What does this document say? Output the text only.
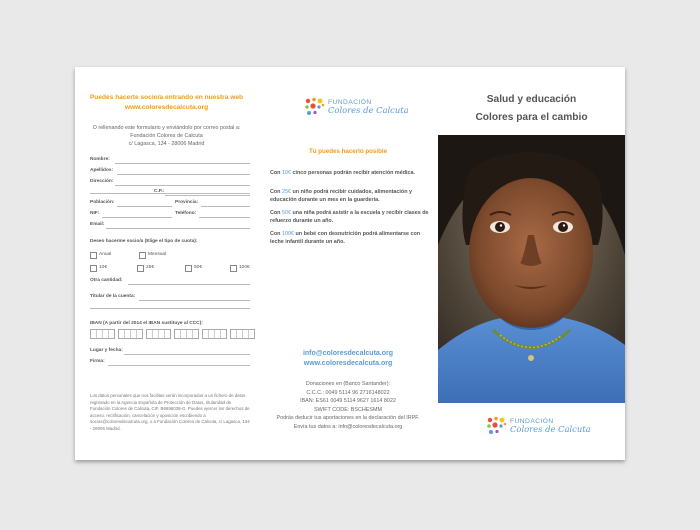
Puedes hacerte socio/a entrando en nuestra web
www.coloresdecalcuta.org
O rellenando este formulario y enviándolo por correo postal a:
Fundación Colores de Calcuta
c/ Lagasca, 134 - 28006 Madrid
Nombre:
Apellidos:
Dirección:
C.P.:
Población:	Provincia:
NIF:	Teléfono:
Email:
Deseo hacerme socio/a (Elige el tipo de cuota):
Anual	Mensual
10€	25€	50€	100€
Otra cantidad:
Titular de la cuenta:
IBAN (A partir del 2014 el IBAN sustituye al CCC):
Lugar y fecha:
Firma:
Los datos personales que nos facilitas serán incorporados a un fichero de datos registrado en la Agencia Española de Protección de Datos, titularidad de Fundación Colores de Calcuta, CIF. B6696038-G. Puedes ejercer los derechos de acceso, rectificación, cancelación y oposición escribiendo a socios@coloresdecalcuta.org, o a Fundación Colores de Calcuta, c/ Lagasca, 134 - 28006 Madrid.
FUNDACIÓN
Colores de Calcuta
Tú puedes hacerlo posible
Con 10€ cinco personas podrán recibir atención médica.
Con 25€ un niño podrá recibir cuidados, alimentación y educación durante un mes en la guardería.
Con 50€ una niña podrá asistir a la escuela y recibir clases de refuerzo durante un año.
Con 100€ un bebé con desnutrición podrá alimentarse con leche infantil durante un año.
info@coloresdecalcuta.org
www.coloresdecalcuta.org
Donaciones en (Banco Santander):
C.C.C.: 0049 5114 96 2716148022
IBAN: ES61 0049 5114 9627 1614 8022
SWIFT CODE: BSCHESMM
Podrás deducir tus aportaciones en la declaración del IRPF.
Envía tus datos a: info@coloresdecalcuta.org
Salud y educación
Colores para el cambio
FUNDACIÓN
Colores de Calcuta
